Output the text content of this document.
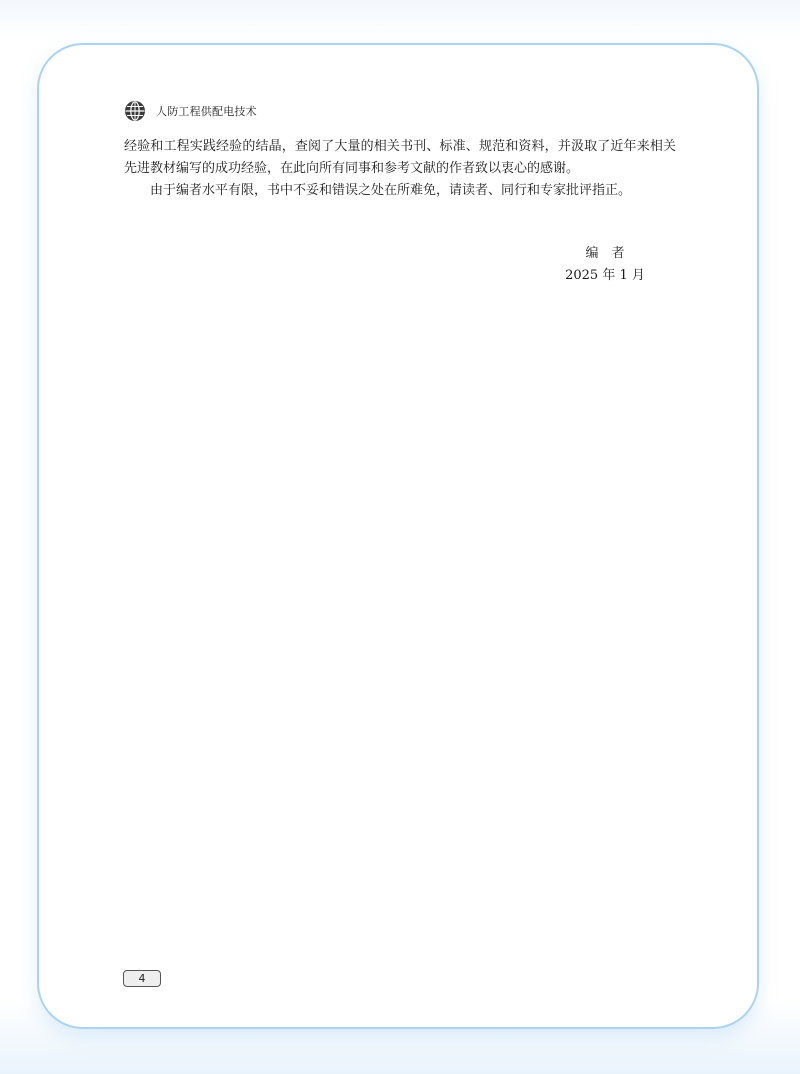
人防工程供配电技术

经验和工程实践经验的结晶，查阅了大量的相关书刊、标准、规范和资料，并汲取了近年来相关先进教材编写的成功经验，在此向所有同事和参考文献的作者致以衷心的感谢。

由于编者水平有限，书中不妥和错误之处在所难免，请读者、同行和专家批评指正。

编　者
2025 年 1 月
4
